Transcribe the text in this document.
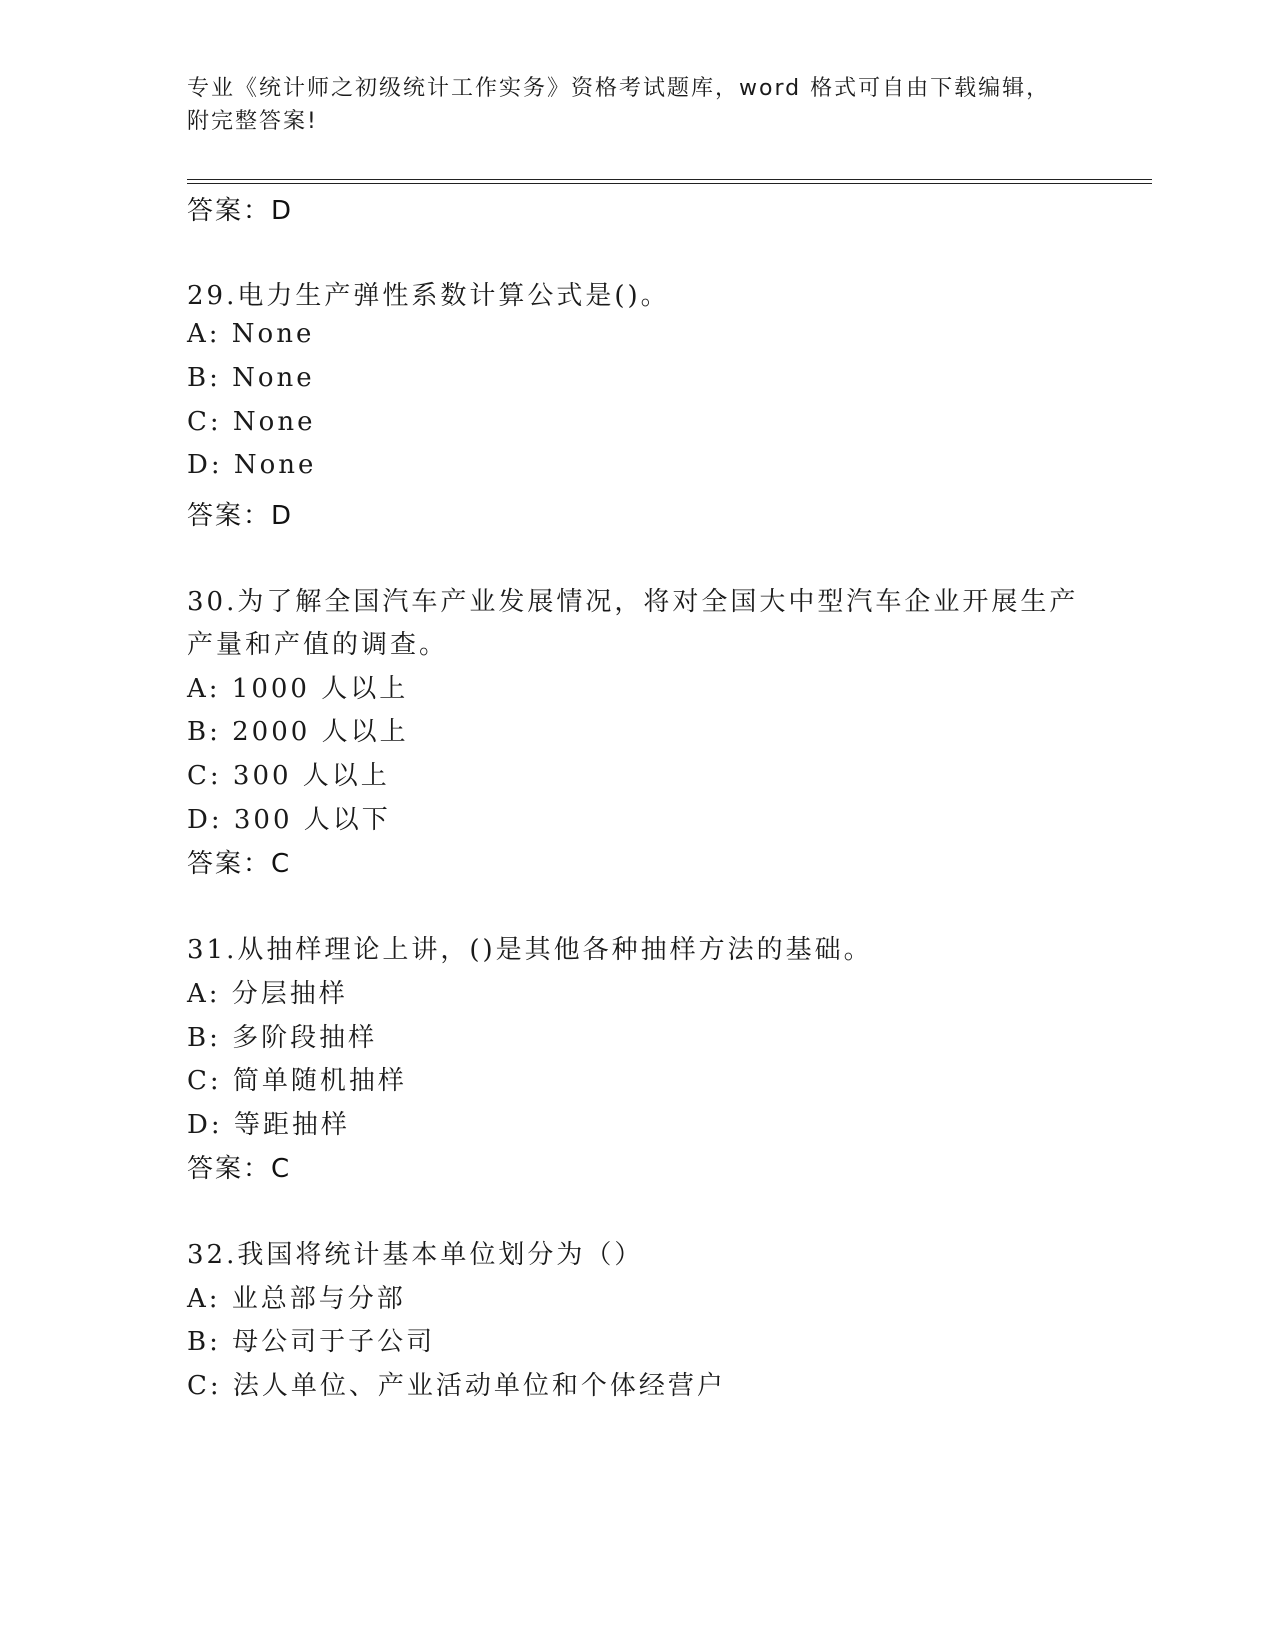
专业《统计师之初级统计工作实务》资格考试题库，word 格式可自由下载编辑，
附完整答案!
答案：D
29.电力生产弹性系数计算公式是()。
A: None
B: None
C: None
D: None
答案：D
30.为了解全国汽车产业发展情况，将对全国大中型汽车企业开展生产
产量和产值的调查。
A: 1000 人以上
B: 2000 人以上
C: 300 人以上
D: 300 人以下
答案：C
31.从抽样理论上讲，()是其他各种抽样方法的基础。
A: 分层抽样
B: 多阶段抽样
C: 简单随机抽样
D: 等距抽样
答案：C
32.我国将统计基本单位划分为（）
A: 业总部与分部
B: 母公司于子公司
C: 法人单位、产业活动单位和个体经营户
